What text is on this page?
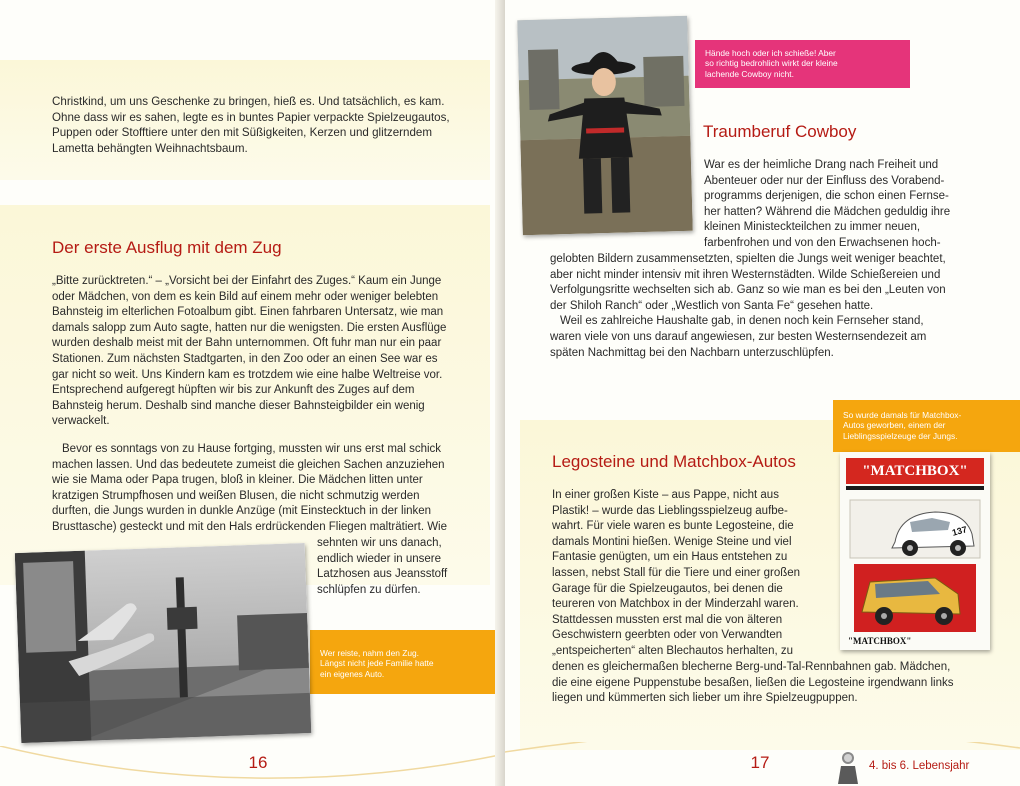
Christkind, um uns Geschenke zu bringen, hieß es. Und tatsächlich, es kam.

Ohne dass wir es sahen, legte es in buntes Papier verpackte Spielzeugautos,

Puppen oder Stofftiere unter den mit Süßigkeiten, Kerzen und glitzerndem

Lametta behängten Weihnachtsbaum.

Der erste Ausflug mit dem Zug

„Bitte zurücktreten.“ – „Vorsicht bei der Einfahrt des Zuges.“ Kaum ein Junge

oder Mädchen, von dem es kein Bild auf einem mehr oder weniger belebten

Bahnsteig im elterlichen Fotoalbum gibt. Einen fahrbaren Untersatz, wie man

damals salopp zum Auto sagte, hatten nur die wenigsten. Die ersten Ausflüge

wurden deshalb meist mit der Bahn unternommen. Oft fuhr man nur ein paar

Stationen. Zum nächsten Stadtgarten, in den Zoo oder an einen See war es

gar nicht so weit. Uns Kindern kam es trotzdem wie eine halbe Weltreise vor.

Entsprechend aufgeregt hüpften wir bis zur Ankunft des Zuges auf dem

Bahnsteig herum. Deshalb sind manche dieser Bahnsteigbilder ein wenig

verwackelt.

Bevor es sonntags von zu Hause fortging, mussten wir uns erst mal schick

machen lassen. Und das bedeutete zumeist die gleichen Sachen anzuziehen

wie sie Mama oder Papa trugen, bloß in kleiner. Die Mädchen litten unter

kratzigen Strumpfhosen und weißen Blusen, die nicht schmutzig werden

durften, die Jungs wurden in dunkle Anzüge (mit Einstecktuch in der linken

Brusttasche) gesteckt und mit den Hals erdrückenden Fliegen malträtiert. Wie

sehnten wir uns danach,

endlich wieder in unsere

Latzhosen aus Jeansstoff

schlüpfen zu dürfen.

Wer reiste, nahm den Zug.
Längst nicht jede Familie hatte
ein eigenes Auto.
16
Hände hoch oder ich schieße! Aber
so richtig bedrohlich wirkt der kleine
lachende Cowboy nicht.
Traumberuf Cowboy

War es der heimliche Drang nach Freiheit und

Abenteuer oder nur der Einfluss des Vorabend-

programms derjenigen, die schon einen Fernse-

her hatten? Während die Mädchen geduldig ihre

kleinen Ministeckteilchen zu immer neuen,

farbenfrohen und von den Erwachsenen hoch-

gelobten Bildern zusammensetzten, spielten die Jungs weit weniger beachtet,

aber nicht minder intensiv mit ihren Westernstädten. Wilde Schießereien und

Verfolgungsritte wechselten sich ab. Ganz so wie man es bei den „Leuten von

der Shiloh Ranch“ oder „Westlich von Santa Fe“ gesehen hatte.

Weil es zahlreiche Haushalte gab, in denen noch kein Fernseher stand,

waren viele von uns darauf angewiesen, zur besten Westernsendezeit am

späten Nachmittag bei den Nachbarn unterzuschlüpfen.

So wurde damals für Matchbox-
Autos geworben, einem der
Lieblingsspielzeuge der Jungs.
Legosteine und Matchbox-Autos

In einer großen Kiste – aus Pappe, nicht aus

Plastik! – wurde das Lieblingsspielzeug aufbe-

wahrt. Für viele waren es bunte Legosteine, die

damals Montini hießen. Wenige Steine und viel

Fantasie genügten, um ein Haus entstehen zu

lassen, nebst Stall für die Tiere und einer großen

Garage für die Spielzeugautos, bei denen die

teureren von Matchbox in der Minderzahl waren.

Stattdessen mussten erst mal die von älteren

Geschwistern geerbten oder von Verwandten

„entspeicherten“ alten Blechautos herhalten, zu

denen es gleichermaßen blecherne Berg-und-Tal-Rennbahnen gab. Mädchen,

die eine eigene Puppenstube besaßen, ließen die Legosteine irgendwann links

liegen und kümmerten sich lieber um ihre Spielzeugpuppen.

"MATCHBOX"
137
"MATCHBOX"
17	4. bis 6. Lebensjahr
